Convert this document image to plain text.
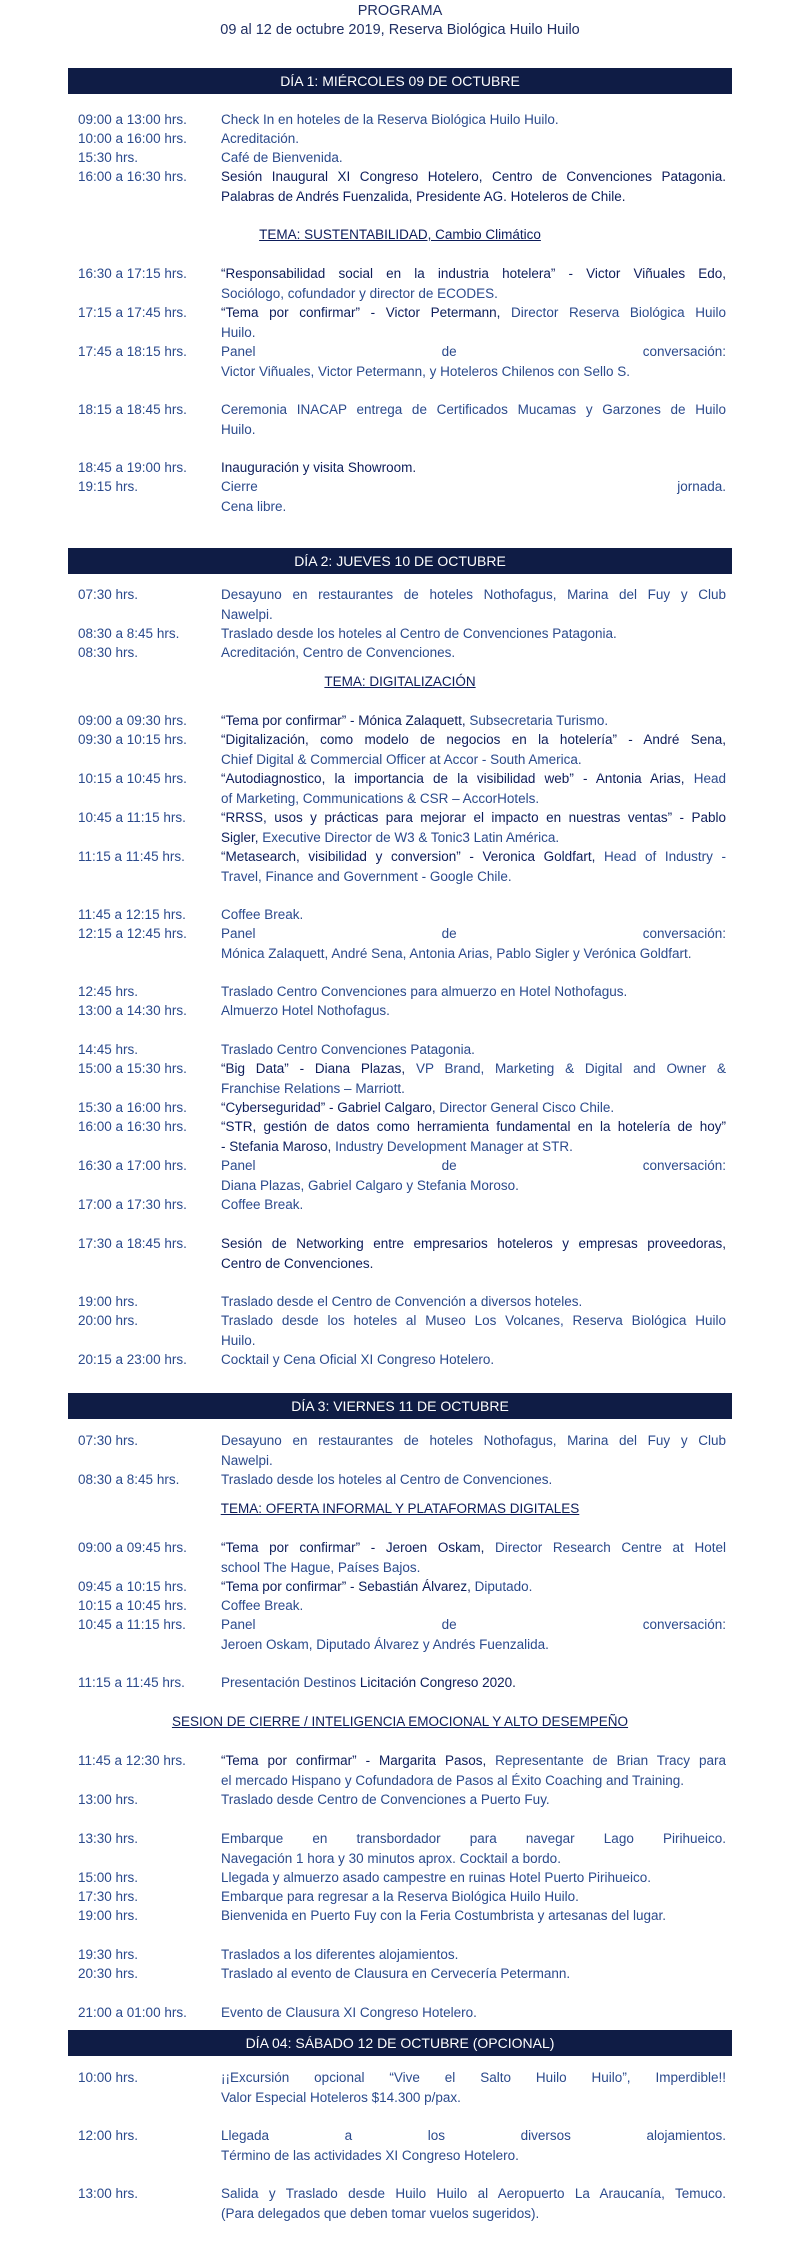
PROGRAMA
09 al 12 de octubre 2019, Reserva Biológica Huilo Huilo
DÍA 1: MIÉRCOLES 09 DE OCTUBRE
09:00 a 13:00 hrs.	Check In en hoteles de la Reserva Biológica Huilo Huilo.
10:00 a 16:00 hrs.	Acreditación.
15:30 hrs.	Café de Bienvenida.
16:00 a 16:30 hrs.	Sesión Inaugural XI Congreso Hotelero, Centro de Convenciones Patagonia.
Palabras de Andrés Fuenzalida, Presidente AG. Hoteleros de Chile.
TEMA: SUSTENTABILIDAD, Cambio Climático
16:30 a 17:15 hrs.	“Responsabilidad social en la industria hotelera” - Victor Viñuales Edo,
Sociólogo, cofundador y director de ECODES.
17:15 a 17:45 hrs.	“Tema por confirmar” - Victor Petermann, Director Reserva Biológica Huilo
Huilo.
17:45 a 18:15 hrs.	Panel de conversación:
Victor Viñuales, Victor Petermann, y Hoteleros Chilenos con Sello S.
18:15 a 18:45 hrs.	Ceremonia INACAP entrega de Certificados Mucamas y Garzones de Huilo
Huilo.
18:45 a 19:00 hrs.	Inauguración y visita Showroom.
19:15 hrs.	Cierre jornada.
Cena libre.
DÍA 2: JUEVES 10 DE OCTUBRE
07:30 hrs.	Desayuno en restaurantes de hoteles Nothofagus, Marina del Fuy y Club
Nawelpi.
08:30 a 8:45 hrs.	Traslado desde los hoteles al Centro de Convenciones Patagonia.
08:30 hrs.	Acreditación, Centro de Convenciones.
TEMA: DIGITALIZACIÓN
09:00 a 09:30 hrs.	“Tema por confirmar” - Mónica Zalaquett, Subsecretaria Turismo.
09:30 a 10:15 hrs.	“Digitalización, como modelo de negocios en la hotelería” - André Sena,
Chief Digital & Commercial Officer at Accor - South America.
10:15 a 10:45 hrs.	“Autodiagnostico, la importancia de la visibilidad web” - Antonia Arias, Head
of Marketing, Communications & CSR – AccorHotels.
10:45 a 11:15 hrs.	“RRSS, usos y prácticas para mejorar el impacto en nuestras ventas” - Pablo
Sigler, Executive Director de W3 & Tonic3 Latin América.
11:15 a 11:45 hrs.	“Metasearch, visibilidad y conversion” - Veronica Goldfart, Head of Industry -
Travel, Finance and Government - Google Chile.
11:45 a 12:15 hrs.	Coffee Break.
12:15 a 12:45 hrs.	Panel de conversación:
Mónica Zalaquett, André Sena, Antonia Arias, Pablo Sigler y Verónica Goldfart.
12:45 hrs.	Traslado Centro Convenciones para almuerzo en Hotel Nothofagus.
13:00 a 14:30 hrs.	Almuerzo Hotel Nothofagus.
14:45 hrs.	Traslado Centro Convenciones Patagonia.
15:00 a 15:30 hrs.	“Big Data” - Diana Plazas, VP Brand, Marketing & Digital and Owner &
Franchise Relations – Marriott.
15:30 a 16:00 hrs.	“Cyberseguridad” - Gabriel Calgaro, Director General Cisco Chile.
16:00 a 16:30 hrs.	“STR, gestión de datos como herramienta fundamental en la hotelería de hoy”
- Stefania Maroso, Industry Development Manager at STR.
16:30 a 17:00 hrs.	Panel de conversación:
Diana Plazas, Gabriel Calgaro y Stefania Moroso.
17:00 a 17:30 hrs.	Coffee Break.
17:30 a 18:45 hrs.	Sesión de Networking entre empresarios hoteleros y empresas proveedoras,
Centro de Convenciones.
19:00 hrs.	Traslado desde el Centro de Convención a diversos hoteles.
20:00 hrs.	Traslado desde los hoteles al Museo Los Volcanes, Reserva Biológica Huilo
Huilo.
20:15 a 23:00 hrs.	Cocktail y Cena Oficial XI Congreso Hotelero.
DÍA 3: VIERNES 11 DE OCTUBRE
07:30 hrs.	Desayuno en restaurantes de hoteles Nothofagus, Marina del Fuy y Club
Nawelpi.
08:30 a 8:45 hrs.	Traslado desde los hoteles al Centro de Convenciones.
TEMA: OFERTA INFORMAL Y PLATAFORMAS DIGITALES
09:00 a 09:45 hrs.	“Tema por confirmar” - Jeroen Oskam, Director Research Centre at Hotel
school The Hague, Países Bajos.
09:45 a 10:15 hrs.	“Tema por confirmar” - Sebastián Álvarez, Diputado.
10:15 a 10:45 hrs.	Coffee Break.
10:45 a 11:15 hrs.	Panel de conversación:
Jeroen Oskam, Diputado Álvarez y Andrés Fuenzalida.
11:15 a 11:45 hrs.	Presentación Destinos Licitación Congreso 2020.
SESION DE CIERRE / INTELIGENCIA EMOCIONAL Y ALTO DESEMPEÑO
11:45 a 12:30 hrs.	“Tema por confirmar” - Margarita Pasos, Representante de Brian Tracy para
el mercado Hispano y Cofundadora de Pasos al Éxito Coaching and Training.
13:00 hrs.	Traslado desde Centro de Convenciones a Puerto Fuy.
13:30 hrs.	Embarque en transbordador para navegar Lago Pirihueico.
Navegación 1 hora y 30 minutos aprox. Cocktail a bordo.
15:00 hrs.	Llegada y almuerzo asado campestre en ruinas Hotel Puerto Pirihueico.
17:30 hrs.	Embarque para regresar a la Reserva Biológica Huilo Huilo.
19:00 hrs.	Bienvenida en Puerto Fuy con la Feria Costumbrista y artesanas del lugar.
19:30 hrs.	Traslados a los diferentes alojamientos.
20:30 hrs.	Traslado al evento de Clausura en Cervecería Petermann.
21:00 a 01:00 hrs.	Evento de Clausura XI Congreso Hotelero.
DÍA 04: SÁBADO 12 DE OCTUBRE (OPCIONAL)
10:00 hrs.	¡¡Excursión opcional “Vive el Salto Huilo Huilo”, Imperdible!!
Valor Especial Hoteleros $14.300 p/pax.
12:00 hrs.	Llegada a los diversos alojamientos.
Término de las actividades XI Congreso Hotelero.
13:00 hrs.	Salida y Traslado desde Huilo Huilo al Aeropuerto La Araucanía, Temuco.
(Para delegados que deben tomar vuelos sugeridos).
